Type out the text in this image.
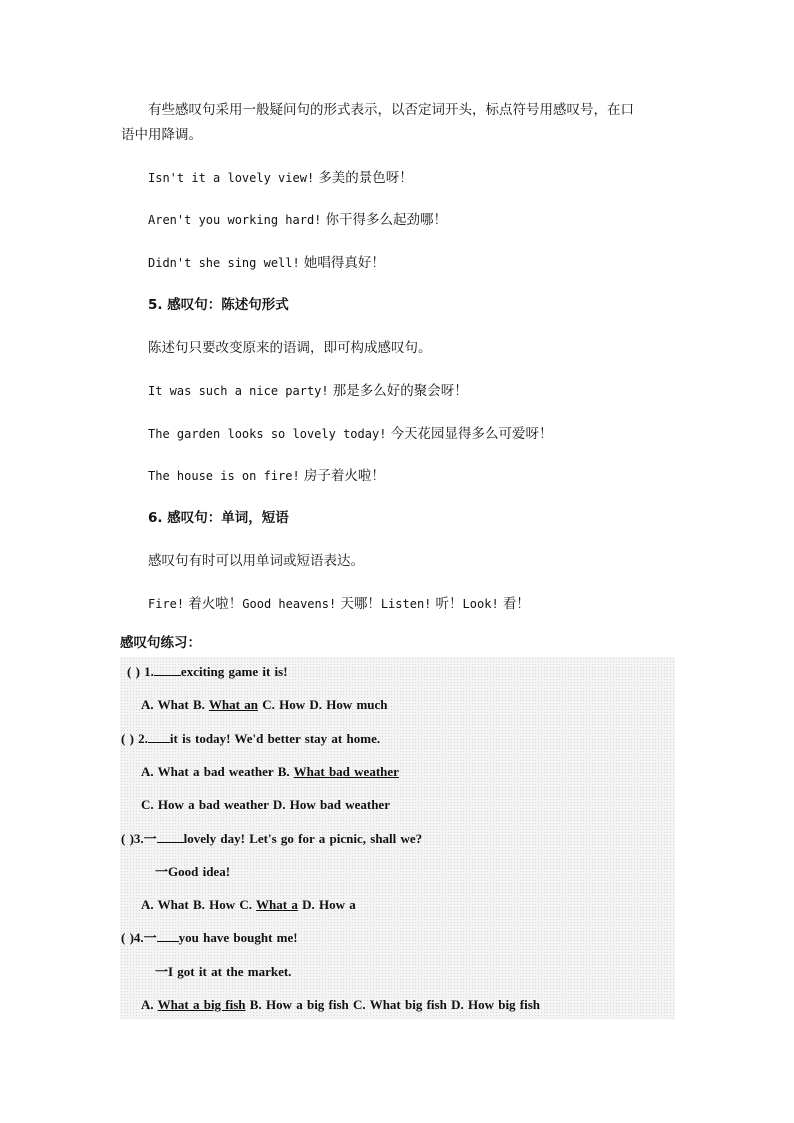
有些感叹句采用一般疑问句的形式表示，以否定词开头，标点符号用感叹号，在口
语中用降调。
Isn't it a lovely view! 多美的景色呀！
Aren't you working hard! 你干得多么起劲哪！
Didn't she sing well! 她唱得真好！
5. 感叹句：陈述句形式
陈述句只要改变原来的语调，即可构成感叹句。
It was such a nice party! 那是多么好的聚会呀！
The garden looks so lovely today! 今天花园显得多么可爱呀！
The house is on fire! 房子着火啦！
6. 感叹句：单词，短语
感叹句有时可以用单词或短语表达。
Fire! 着火啦！Good heavens! 天哪！Listen! 听！Look! 看！
感叹句练习：
( ) 1. exciting game it is!
A. What B. What an C. How D. How much
( ) 2. it is today! We'd better stay at home.
A. What a bad weather B. What bad weather
C. How a bad weather D. How bad weather
( )3.一 lovely day! Let's go for a picnic, shall we?
一Good idea!
A. What B. How C. What a D. How a
( )4.一 you have bought me!
一I got it at the market.
A. What a big fish B. How a big fish C. What big fish D. How big fish
